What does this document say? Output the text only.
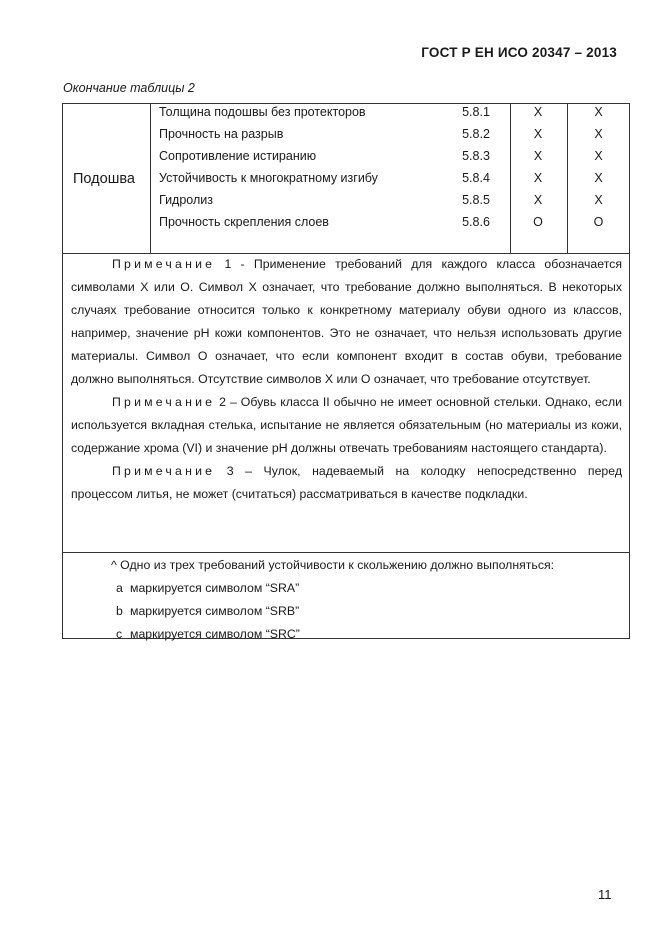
ГОСТ Р ЕН ИСО 20347 – 2013
Окончание таблицы 2
Подошва
Толщина подошвы без протекторов	5.8.1	X	X
Прочность на разрыв	5.8.2	X	X
Сопротивление истиранию	5.8.3	X	X
Устойчивость к многократному изгибу	5.8.4	X	X
Гидролиз	5.8.5	X	X
Прочность скрепления слоев	5.8.6	O	O

Примечание 1 - Применение требований для каждого класса обозначается символами X или O. Символ X означает, что требование должно выполняться. В некоторых случаях требование относится только к конкретному материалу обуви одного из классов, например, значение pH кожи компонентов. Это не означает, что нельзя использовать другие материалы. Символ О означает, что если компонент входит в состав обуви, требование должно выполняться. Отсутствие символов X или O означает, что требование отсутствует.

Примечание 2 – Обувь класса II обычно не имеет основной стельки. Однако, если используется вкладная стелька, испытание не является обязательным (но материалы из кожи, содержание хрома (VI) и значение pH должны отвечать требованиям настоящего стандарта).

Примечание 3 – Чулок, надеваемый на колодку непосредственно перед процессом литья, не может (считаться) рассматриваться в качестве подкладки.

^ Одно из трех требований устойчивости к скольжению должно выполняться:
a маркируется символом “SRA”
b маркируется символом “SRB”
c маркируется символом “SRC”
11
